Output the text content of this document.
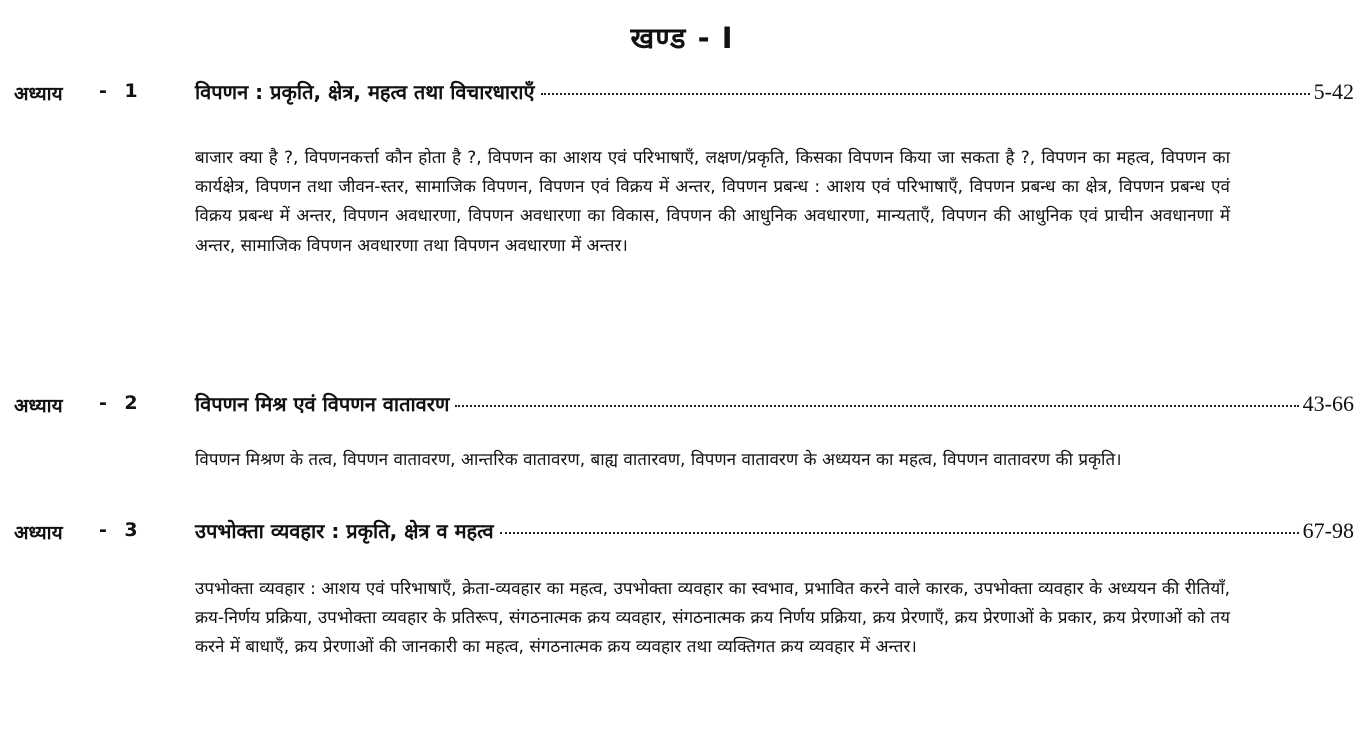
खण्ड - I
अध्याय - 1	विपणन : प्रकृति, क्षेत्र, महत्व तथा विचारधाराएँ	5-42
बाजार क्या है ?, विपणनकर्त्ता कौन होता है ?, विपणन का आशय एवं परिभाषाएँ, लक्षण/प्रकृति, किसका विपणन किया जा सकता है ?, विपणन का महत्व, विपणन का कार्यक्षेत्र, विपणन तथा जीवन-स्तर, सामाजिक विपणन, विपणन एवं विक्रय में अन्तर, विपणन प्रबन्ध : आशय एवं परिभाषाएँ, विपणन प्रबन्ध का क्षेत्र, विपणन प्रबन्ध एवं विक्रय प्रबन्ध में अन्तर, विपणन अवधारणा, विपणन अवधारणा का विकास, विपणन की आधुनिक अवधारणा, मान्यताएँ, विपणन की आधुनिक एवं प्राचीन अवधानणा में अन्तर, सामाजिक विपणन अवधारणा तथा विपणन अवधारणा में अन्तर।
अध्याय - 2	विपणन मिश्र एवं विपणन वातावरण	43-66
विपणन मिश्रण के तत्व, विपणन वातावरण, आन्तरिक वातावरण, बाह्य वातारवण, विपणन वातावरण के अध्ययन का महत्व, विपणन वातावरण की प्रकृति।
अध्याय - 3	उपभोक्ता व्यवहार : प्रकृति, क्षेत्र व महत्व	67-98
उपभोक्ता व्यवहार : आशय एवं परिभाषाएँ, क्रेता-व्यवहार का महत्व, उपभोक्ता व्यवहार का स्वभाव, प्रभावित करने वाले कारक, उपभोक्ता व्यवहार के अध्ययन की रीतियाँ, क्रय-निर्णय प्रक्रिया, उपभोक्ता व्यवहार के प्रतिरूप, संगठनात्मक क्रय व्यवहार, संगठनात्मक क्रय निर्णय प्रक्रिया, क्रय प्रेरणाएँ, क्रय प्रेरणाओं के प्रकार, क्रय प्रेरणाओं को तय करने में बाधाएँ, क्रय प्रेरणाओं की जानकारी का महत्व, संगठनात्मक क्रय व्यवहार तथा व्यक्तिगत क्रय व्यवहार में अन्तर।
